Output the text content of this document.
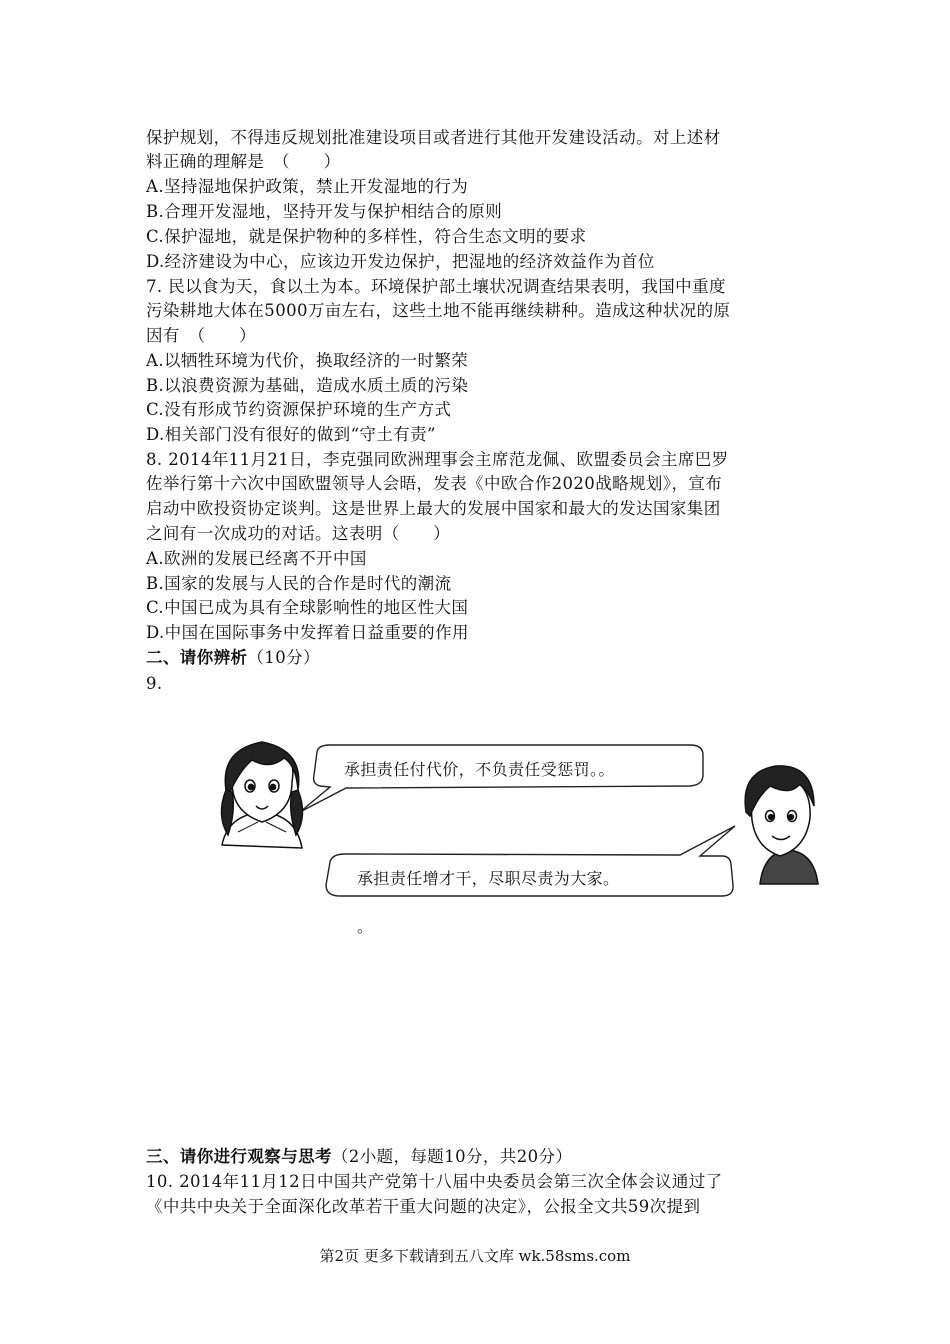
保护规划，不得违反规划批准建设项目或者进行其他开发建设活动。对上述材
料正确的理解是　（　　）
A.坚持湿地保护政策，禁止开发湿地的行为
B.合理开发湿地，坚持开发与保护相结合的原则
C.保护湿地，就是保护物种的多样性，符合生态文明的要求
D.经济建设为中心，应该边开发边保护，把湿地的经济效益作为首位
7. 民以食为天，食以土为本。环境保护部土壤状况调查结果表明，我国中重度
污染耕地大体在5000万亩左右，这些土地不能再继续耕种。造成这种状况的原
因有　（　　）
A.以牺牲环境为代价，换取经济的一时繁荣
B.以浪费资源为基础，造成水质土质的污染
C.没有形成节约资源保护环境的生产方式
D.相关部门没有很好的做到“守土有责”
8. 2014年11月21日，李克强同欧洲理事会主席范龙佩、欧盟委员会主席巴罗
佐举行第十六次中国欧盟领导人会晤，发表《中欧合作2020战略规划》，宣布
启动中欧投资协定谈判。这是世界上最大的发展中国家和最大的发达国家集团
之间有一次成功的对话。这表明（　　）
A.欧洲的发展已经离不开中国
B.国家的发展与人民的合作是时代的潮流
C.中国已成为具有全球影响性的地区性大国
D.中国在国际事务中发挥着日益重要的作用
二、请你辨析（10分）
9.
承担责任付代价，不负责任受惩罚。。
承担责任增才干，尽职尽责为大家。
。
三、请你进行观察与思考（2小题，每题10分，共20分）
10. 2014年11月12日中国共产党第十八届中央委员会第三次全体会议通过了
《中共中央关于全面深化改革若干重大问题的决定》，公报全文共59次提到
第2页 更多下载请到五八文库 wk.58sms.com
